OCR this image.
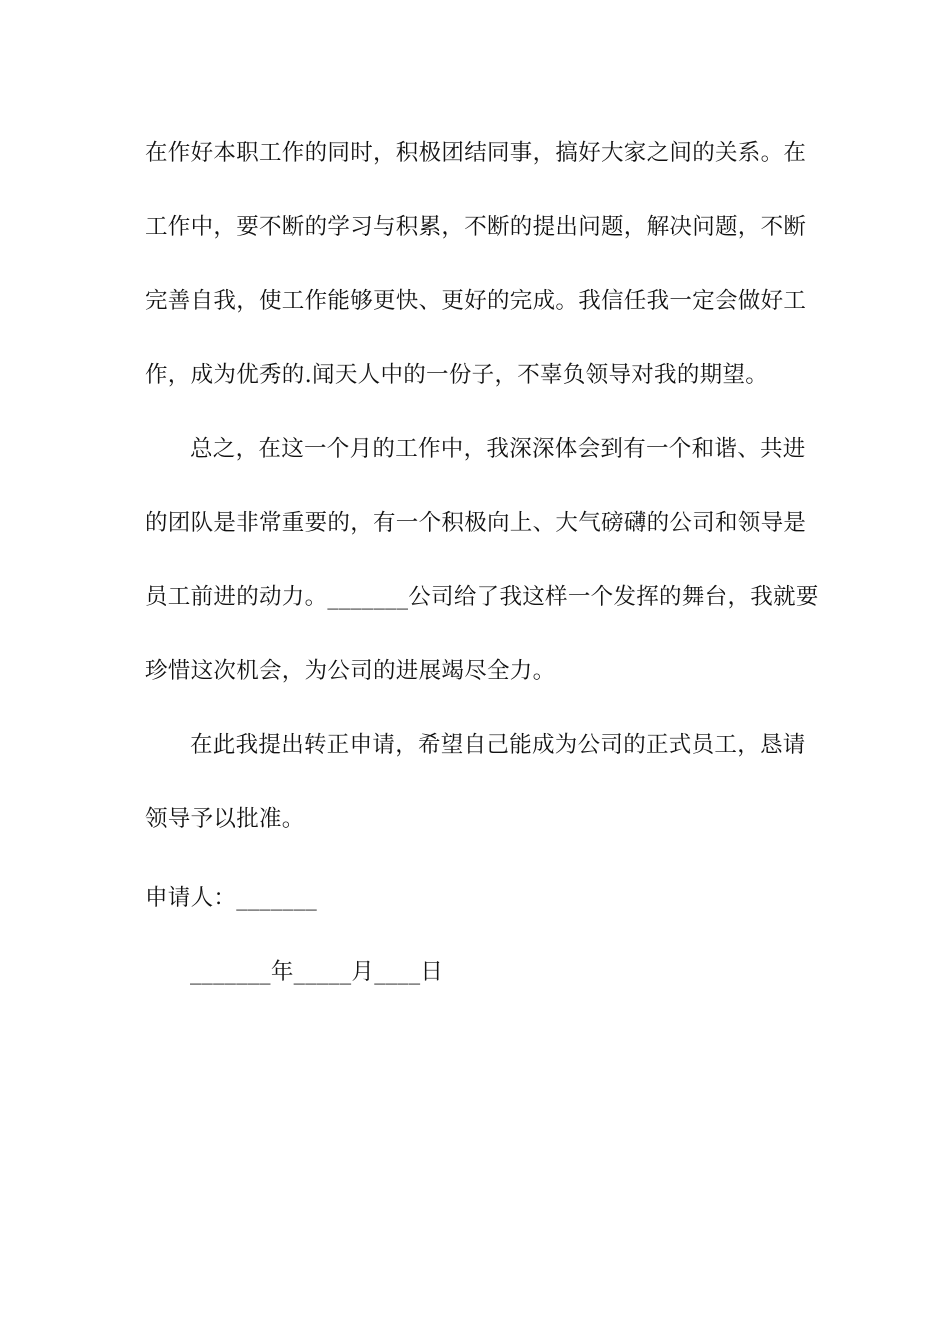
在作好本职工作的同时，积极团结同事，搞好大家之间的关系。在
工作中，要不断的学习与积累，不断的提出问题，解决问题，不断
完善自我，使工作能够更快、更好的完成。我信任我一定会做好工
作，成为优秀的.闻天人中的一份子，不辜负领导对我的期望。
总之，在这一个月的工作中，我深深体会到有一个和谐、共进
的团队是非常重要的，有一个积极向上、大气磅礴的公司和领导是
员工前进的动力。_______公司给了我这样一个发挥的舞台，我就要
珍惜这次机会，为公司的进展竭尽全力。
在此我提出转正申请，希望自己能成为公司的正式员工，恳请
领导予以批准。
申请人：_______
_______年_____月____日
